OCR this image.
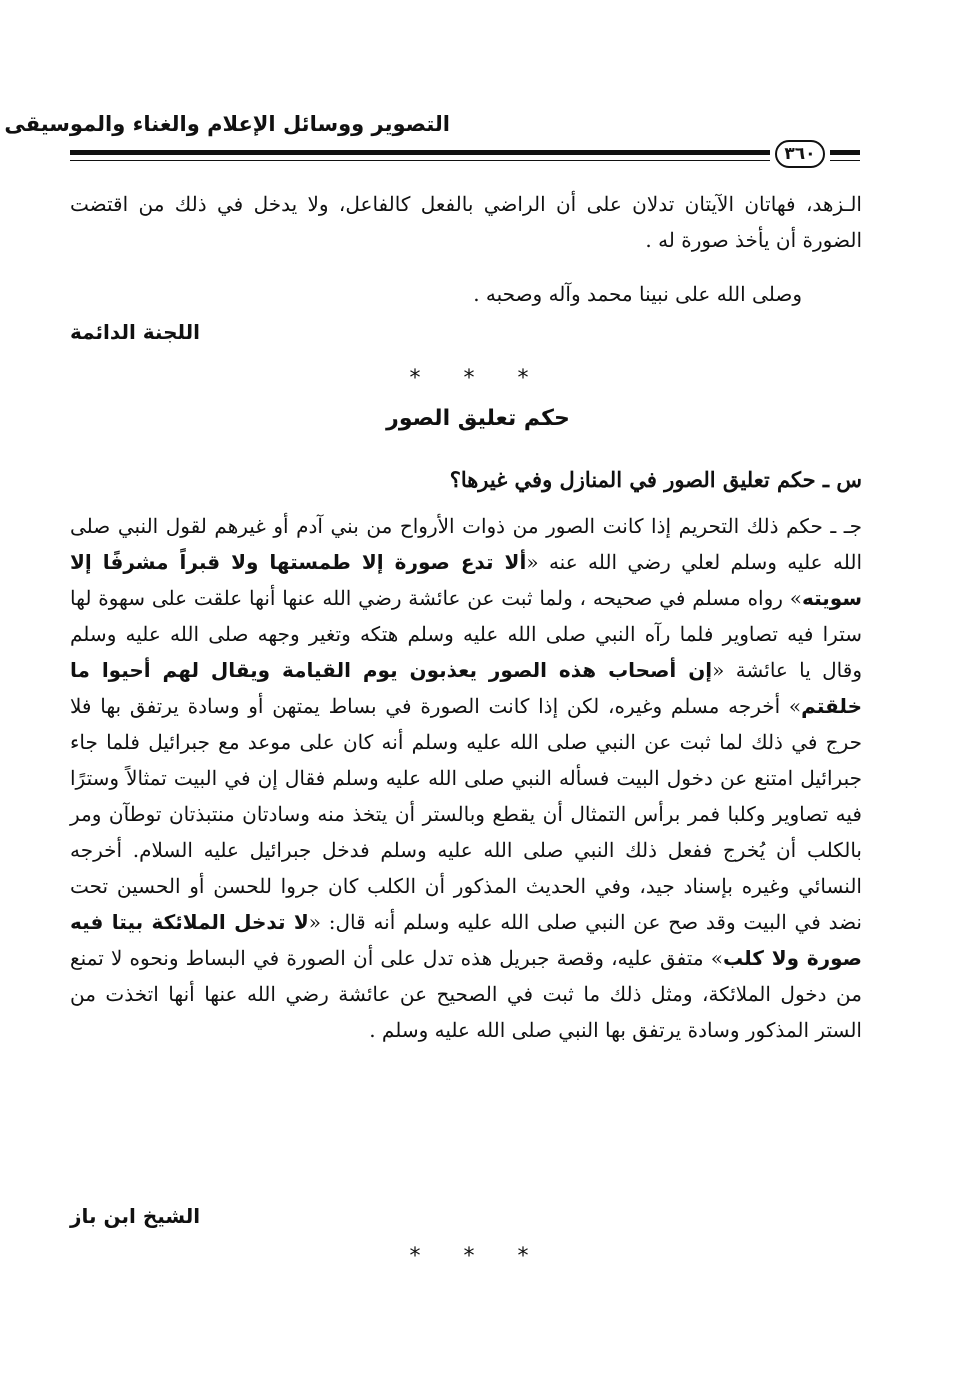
التصوير ووسائل الإعلام والغناء والموسيقى
٣٦٠
الـزهد، فهاتان الآيتان تدلان على أن الراضي بالفعل كالفاعل، ولا يدخل في ذلك من اقتضت الضورة أن يأخذ صورة له .
وصلى الله على نبينا محمد وآله وصحبه .
اللجنة الدائمة
* * *
حكم تعليق الصور
س ـ حكم تعليق الصور في المنازل وفي غيرها؟
جـ ـ حكم ذلك التحريم إذا كانت الصور من ذوات الأرواح من بني آدم أو غيرهم لقول النبي صلى الله عليه وسلم لعلي رضي الله عنه «ألا تدع صورة إلا طمستها ولا قبراً مشرفًا إلا سويته» رواه مسلم في صحيحه ، ولما ثبت عن عائشة رضي الله عنها أنها علقت على سهوة لها سترا فيه تصاوير فلما رآه النبي صلى الله عليه وسلم هتكه وتغير وجهه صلى الله عليه وسلم وقال يا عائشة «إن أصحاب هذه الصور يعذبون يوم القيامة ويقال لهم أحيوا ما خلقتم» أخرجه مسلم وغيره، لكن إذا كانت الصورة في بساط يمتهن أو وسادة يرتفق بها فلا حرج في ذلك لما ثبت عن النبي صلى الله عليه وسلم أنه كان على موعد مع جبرائيل فلما جاء جبرائيل امتنع عن دخول البيت فسأله النبي صلى الله عليه وسلم فقال إن في البيت تمثالاً وسترًا فيه تصاوير وكلبا فمر برأس التمثال أن يقطع وبالستر أن يتخذ منه وسادتان منتبذتان توطآن ومر بالكلب أن يُخرج ففعل ذلك النبي صلى الله عليه وسلم فدخل جبرائيل عليه السلام. أخرجه النسائي وغيره بإسناد جيد، وفي الحديث المذكور أن الكلب كان جروا للحسن أو الحسين تحت نضد في البيت وقد صح عن النبي صلى الله عليه وسلم أنه قال: «لا تدخل الملائكة بيتا فيه صورة ولا كلب» متفق عليه، وقصة جبريل هذه تدل على أن الصورة في البساط ونحوه لا تمنع من دخول الملائكة، ومثل ذلك ما ثبت في الصحيح عن عائشة رضي الله عنها أنها اتخذت من الستر المذكور وسادة يرتفق بها النبي صلى الله عليه وسلم .
الشيخ ابن باز
* * *
